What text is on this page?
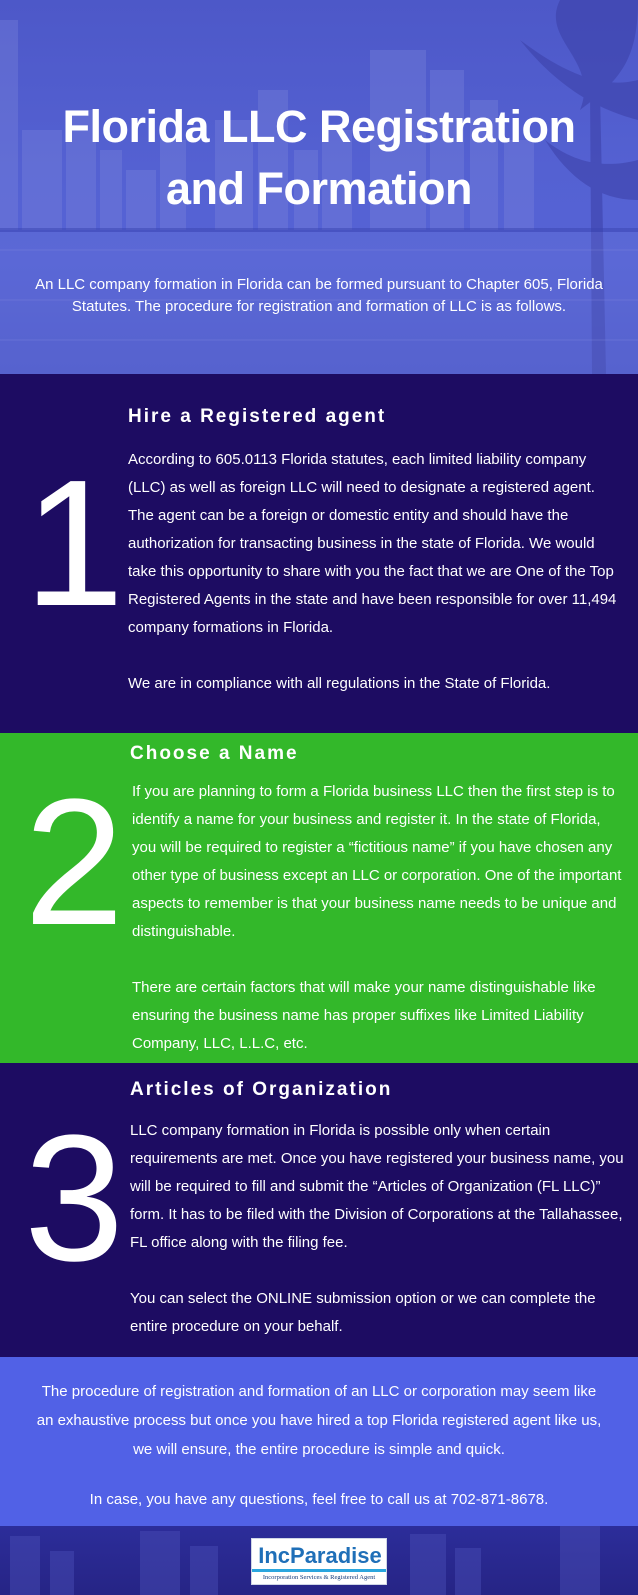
Florida LLC Registration and Formation

An LLC company formation in Florida can be formed pursuant to Chapter 605, Florida Statutes. The procedure for registration and formation of LLC is as follows.

1
Hire a Registered agent

According to 605.0113 Florida statutes, each limited liability company (LLC) as well as foreign LLC will need to designate a registered agent. The agent can be a foreign or domestic entity and should have the authorization for transacting business in the state of Florida. We would take this opportunity to share with you the fact that we are One of the Top Registered Agents in the state and have been responsible for over 11,494 company formations in Florida.

We are in compliance with all regulations in the State of Florida.

2
Choose a Name

If you are planning to form a Florida business LLC then the first step is to identify a name for your business and register it. In the state of Florida, you will be required to register a “fictitious name” if you have chosen any other type of business except an LLC or corporation. One of the important aspects to remember is that your business name needs to be unique and distinguishable.

There are certain factors that will make your name distinguishable like ensuring the business name has proper suffixes like Limited Liability Company, LLC, L.L.C, etc.

3
Articles of Organization

LLC company formation in Florida is possible only when certain requirements are met. Once you have registered your business name, you will be required to fill and submit the “Articles of Organization (FL LLC)” form. It has to be filed with the Division of Corporations at the Tallahassee, FL office along with the filing fee.

You can select the ONLINE submission option or we can complete the entire procedure on your behalf.

The procedure of registration and formation of an LLC or corporation may seem like an exhaustive process but once you have hired a top Florida registered agent like us, we will ensure, the entire procedure is simple and quick.

In case, you have any questions, feel free to call us at 702-871-8678.

IncParadise
Incorporation Services & Registered Agent
